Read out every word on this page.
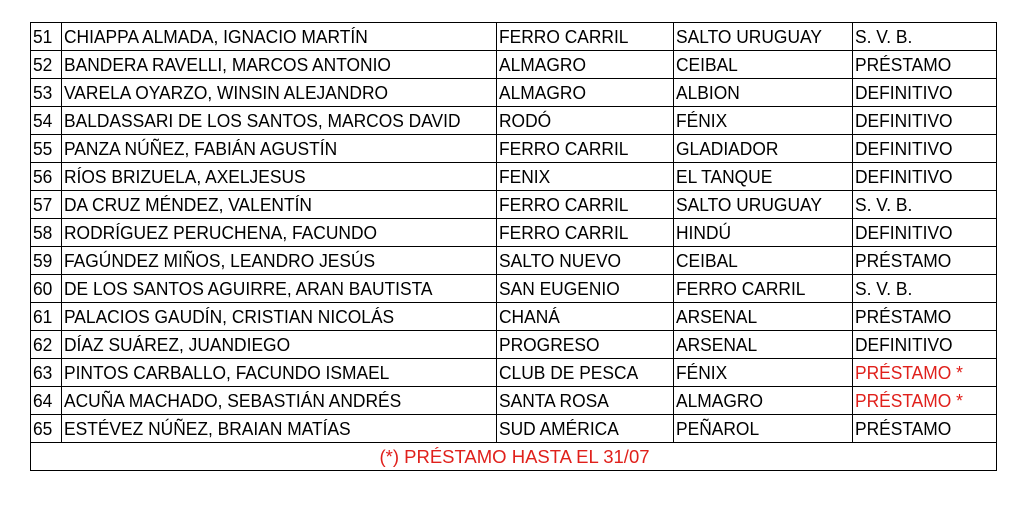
51	CHIAPPA ALMADA, IGNACIO MARTÍN	FERRO CARRIL	SALTO URUGUAY	S. V. B.
52	BANDERA RAVELLI, MARCOS ANTONIO	ALMAGRO	CEIBAL	PRÉSTAMO
53	VARELA OYARZO, WINSIN ALEJANDRO	ALMAGRO	ALBION	DEFINITIVO
54	BALDASSARI DE LOS SANTOS, MARCOS DAVID	RODÓ	FÉNIX	DEFINITIVO
55	PANZA NÚÑEZ, FABIÁN AGUSTÍN	FERRO CARRIL	GLADIADOR	DEFINITIVO
56	RÍOS BRIZUELA, AXELJESUS	FENIX	EL TANQUE	DEFINITIVO
57	DA CRUZ MÉNDEZ, VALENTÍN	FERRO CARRIL	SALTO URUGUAY	S. V. B.
58	RODRÍGUEZ PERUCHENA, FACUNDO	FERRO CARRIL	HINDÚ	DEFINITIVO
59	FAGÚNDEZ MIÑOS, LEANDRO JESÚS	SALTO NUEVO	CEIBAL	PRÉSTAMO
60	DE LOS SANTOS AGUIRRE, ARAN BAUTISTA	SAN EUGENIO	FERRO CARRIL	S. V. B.
61	PALACIOS GAUDÍN, CRISTIAN NICOLÁS	CHANÁ	ARSENAL	PRÉSTAMO
62	DÍAZ SUÁREZ, JUANDIEGO	PROGRESO	ARSENAL	DEFINITIVO
63	PINTOS CARBALLO, FACUNDO ISMAEL	CLUB DE PESCA	FÉNIX	PRÉSTAMO *
64	ACUÑA MACHADO, SEBASTIÁN ANDRÉS	SANTA ROSA	ALMAGRO	PRÉSTAMO *
65	ESTÉVEZ NÚÑEZ, BRAIAN MATÍAS	SUD AMÉRICA	PEÑAROL	PRÉSTAMO
(*) PRÉSTAMO HASTA EL 31/07				
